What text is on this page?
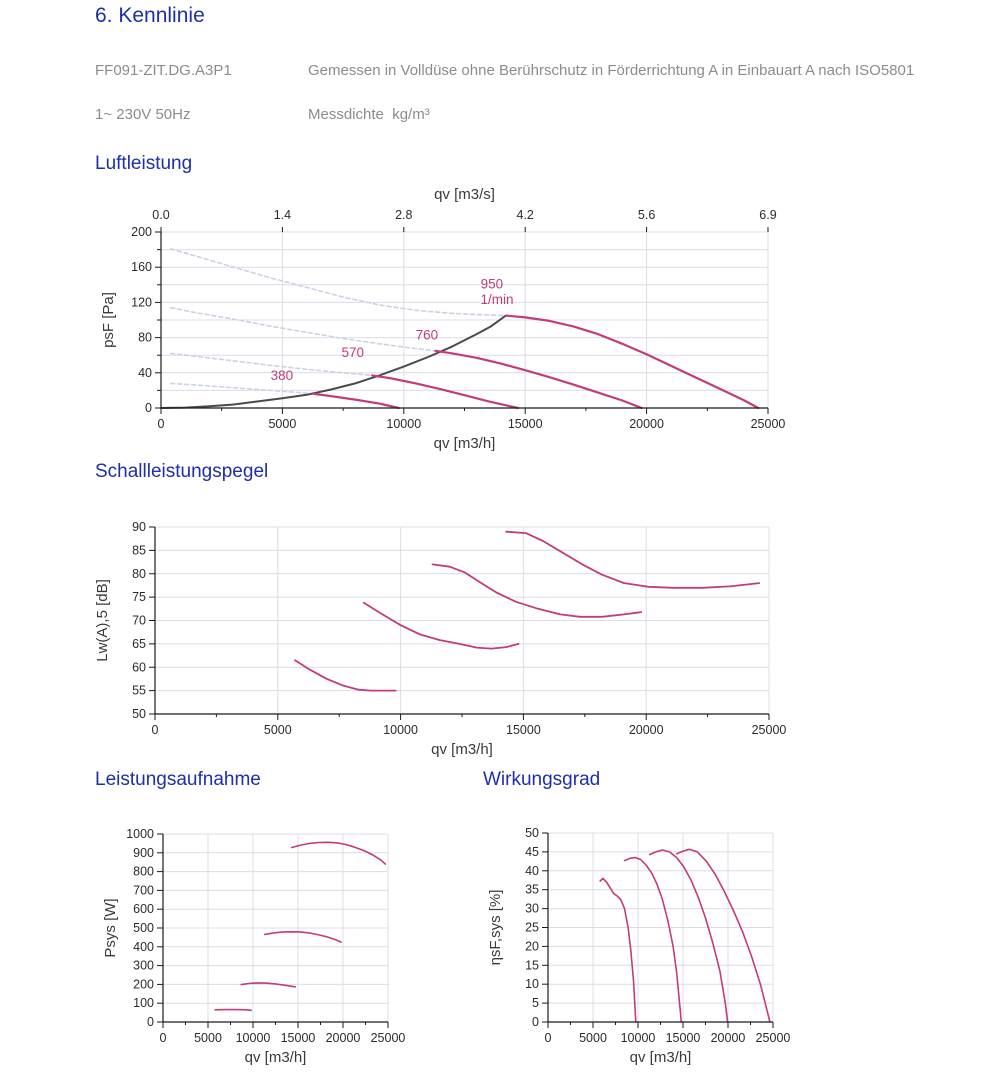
6. Kennlinie
FF091-ZIT.DG.A3P1	Gemessen in Volldüse ohne Berührschutz in Förderrichtung A in Einbauart A nach ISO5801
1~ 230V 50Hz	Messdichte  kg/m³
Luftleistung
0
40
80
120
160
200
0	5000	10000	15000	20000	25000
0.0	1.4	2.8	4.2	5.6	6.9
qv [m3/s]
qv [m3/h]
psF [Pa]
380
570
760
950
1/min
Schallleistungspegel
50
55
60
65
70
75
80
85
90
0	5000	10000	15000	20000	25000
qv [m3/h]
Lw(A),5 [dB]
Leistungsaufnahme	Wirkungsgrad
0
100
200
300
400
500
600
700
800
900
1000
0 5000 10000 15000 20000 25000
qv [m3/h]
Psys [W]
0
5
10
15
20
25
30
35
40
45
50
0 5000 10000 15000 20000 25000
qv [m3/h]
ηsF,sys [%]
